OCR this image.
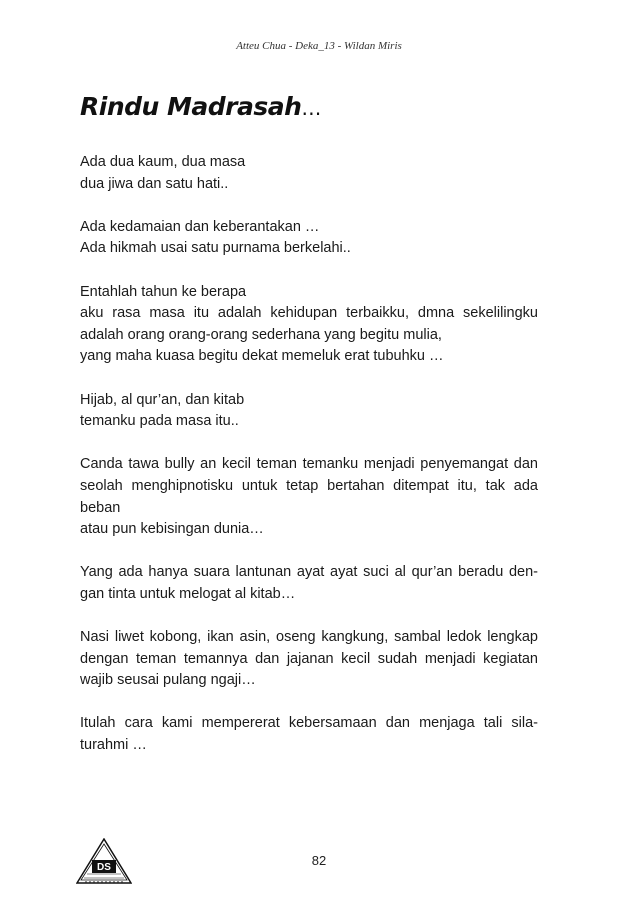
Atteu Chua - Deka_13 - Wildan Miris
Rindu Madrasah…

Ada dua kaum, dua masa
dua jiwa dan satu hati..

Ada kedamaian dan keberantakan …
Ada hikmah usai satu purnama berkelahi..

Entahlah tahun ke berapa
aku rasa masa itu adalah kehidupan terbaikku, dmna sekelilingku
adalah orang orang-orang sederhana yang begitu mulia,
yang maha kuasa begitu dekat memeluk erat tubuhku …

Hijab, al qur’an, dan kitab
temanku pada masa itu..

Canda tawa bully an kecil teman temanku menjadi penyemangat dan
seolah menghipnotisku untuk tetap bertahan ditempat itu, tak ada
beban
atau pun kebisingan dunia…

Yang ada hanya suara lantunan ayat ayat suci al qur’an beradu den-
gan tinta untuk melogat al kitab…

Nasi liwet kobong, ikan asin, oseng kangkung, sambal ledok lengkap
dengan teman temannya dan jajanan kecil sudah menjadi kegiatan
wajib seusai pulang ngaji…

Itulah cara kami mempererat kebersamaan dan menjaga tali sila-
turahmi …

DS	82
